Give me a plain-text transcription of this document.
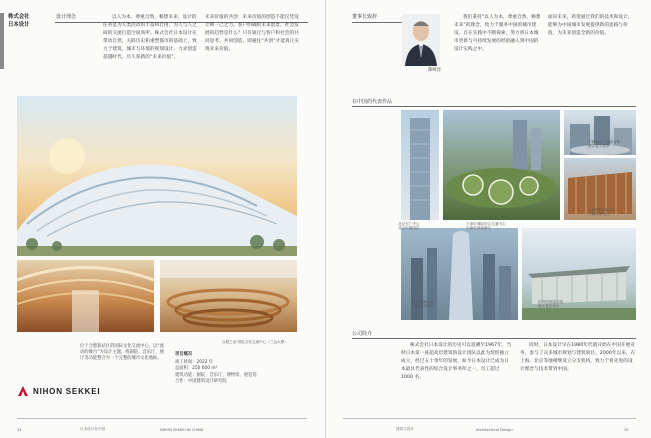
株式会社
日本设计
设计理念	以人为本，尊重自然，畅想未来；设计的任务是为人类活动的丰富和自由，为人与人之间的交流打造空间场所。株式会社日本设计在带动自然、关联历史和重塑都市的基础上，致力于建筑、城市与环境的规划设计，力求创造超越时代、历久弥新的“未来价值”。

未来价值的共创：未来价值的创造不能仅凭设计师一己之力。客户明确的未来愿景，社会发展的趋势是什么？只有通过与客户和社会的共同思考、共同创造，即通往“共创”才能真正实现未来价值。

合肥之星·国际文化交流中心（三远大厦）
项目概况
竣工时间：2022 年
总面积：250 000 m²
建筑功能：剧院、音乐厅、博物馆、展览馆
合作：中国建筑设计研究院

位于合肥新站区的国际文化交流中心，以“流动的舞台”为设计主题，将剧院、音乐厅、展厅等功能整合为一个完整的城市文化地标。

NIHON SEKKEI
24	日本设计在中国	NIHON SEKKEI IN CHINA
董事长致辞
篠崎淳

我们秉持“以人为本，尊重自然，畅想未来”的理念，致力于服务中国的城市建设。自在实践中不断探索，努力将日本城市更新与可持续发展的经验融入到中国的设计实践之中。

面向未来，希望通过我们的技术和设计，能够为中国城市发展提供新的思路与价值，为未来创造全新的价值。

在中国的代表作品
北京东广中心
北京市朝阳区
天津市城际综合交通中心
天津市滨海新区
宁波南站上盖综合体
浙江省宁波市
上海虹桥国际中心
上海市闵行区
深圳华润大厦
广东省深圳市
杭州国家版本馆
浙江省杭州市
公司简介

株式会社日本设计的历史可以追溯至1967年，当时日本第一座超高层建筑的设计团队以此为契机独立成立。经过五十余年的发展，如今日本设计已成为日本最具代表性的综合设计事务所之一，员工超过 1000 名。

同时，日本设计早在1980年代就开始在中国开展业务，参与了众多城市规划与建筑项目。2000年以来，在上海、北京等地相继设立分支机构，致力于将先进的设计理念与技术带到中国。

建筑与设计	Architectural Design	25
